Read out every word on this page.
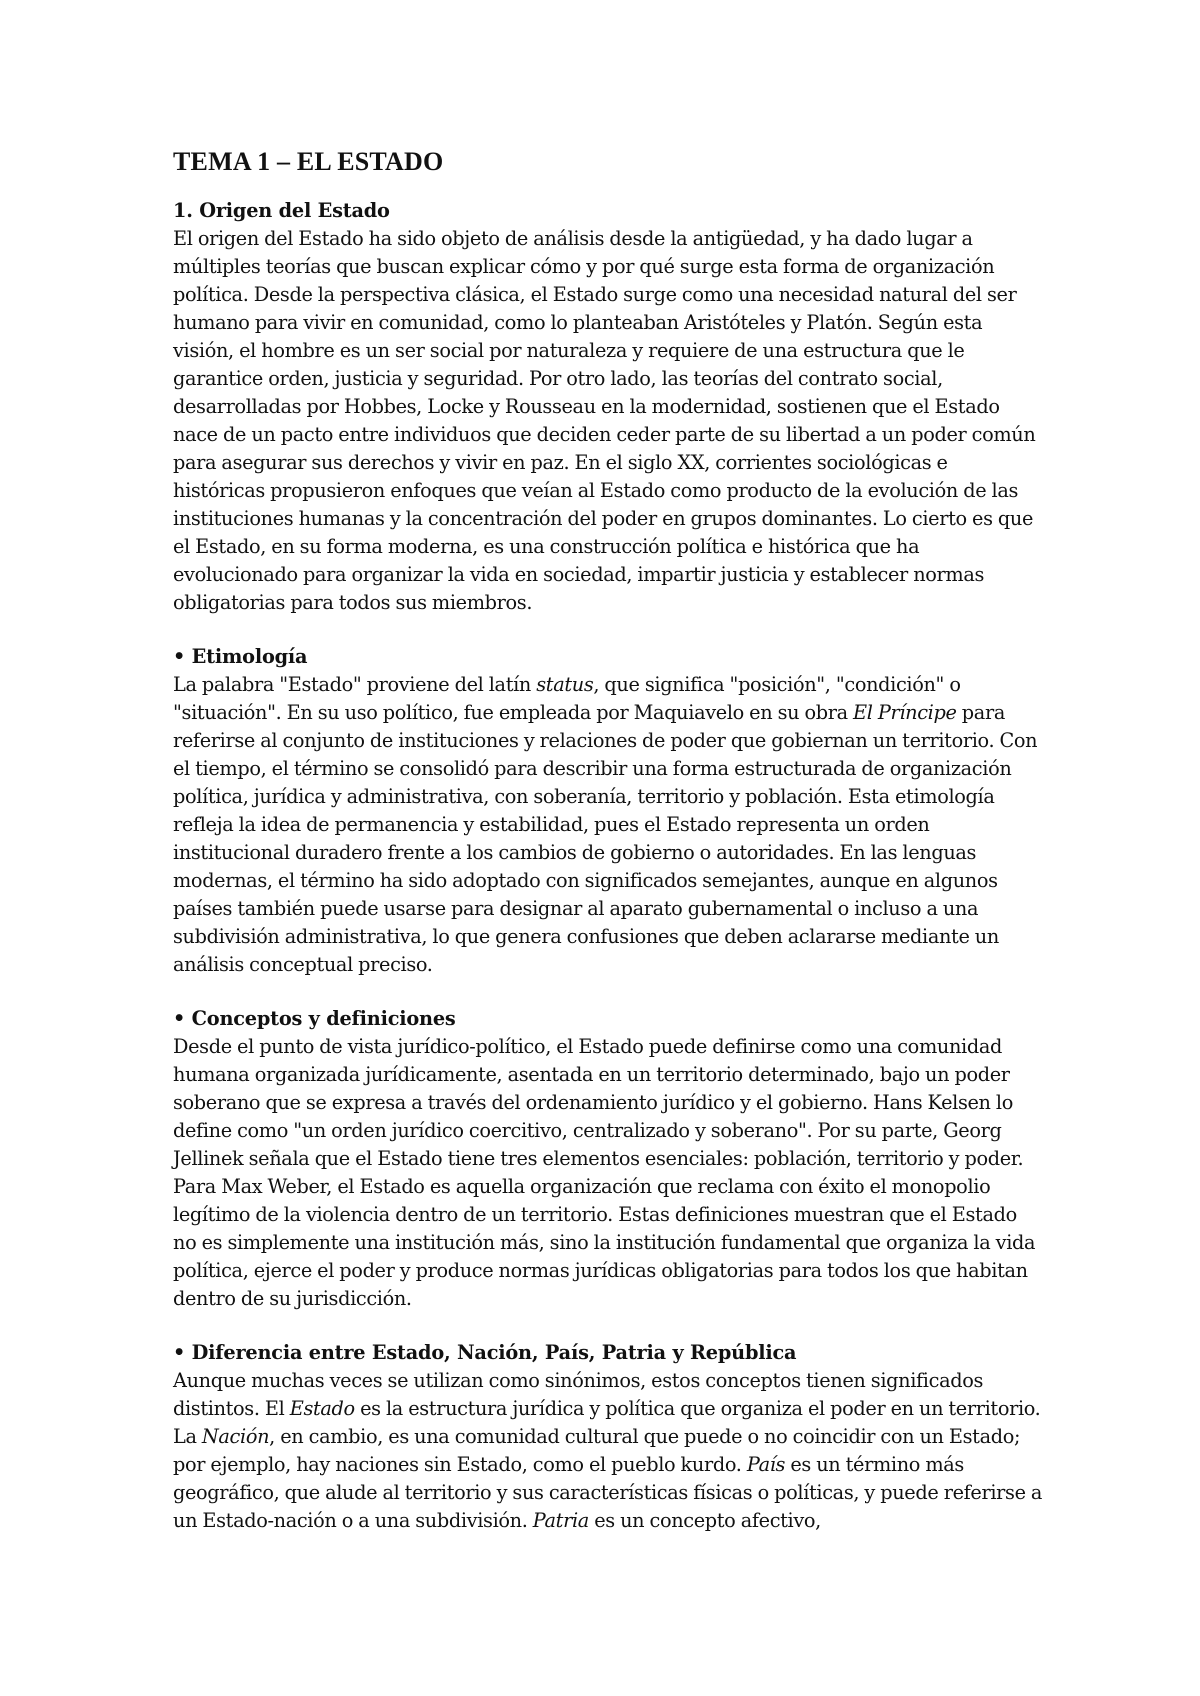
TEMA 1 – EL ESTADO

1. Origen del Estado

El origen del Estado ha sido objeto de análisis desde la antigüedad, y ha dado lugar a múltiples teorías que buscan explicar cómo y por qué surge esta forma de organización política. Desde la perspectiva clásica, el Estado surge como una necesidad natural del ser humano para vivir en comunidad, como lo planteaban Aristóteles y Platón. Según esta visión, el hombre es un ser social por naturaleza y requiere de una estructura que le garantice orden, justicia y seguridad. Por otro lado, las teorías del contrato social, desarrolladas por Hobbes, Locke y Rousseau en la modernidad, sostienen que el Estado nace de un pacto entre individuos que deciden ceder parte de su libertad a un poder común para asegurar sus derechos y vivir en paz. En el siglo XX, corrientes sociológicas e históricas propusieron enfoques que veían al Estado como producto de la evolución de las instituciones humanas y la concentración del poder en grupos dominantes. Lo cierto es que el Estado, en su forma moderna, es una construcción política e histórica que ha evolucionado para organizar la vida en sociedad, impartir justicia y establecer normas obligatorias para todos sus miembros.

• Etimología

La palabra "Estado" proviene del latín status, que significa "posición", "condición" o "situación". En su uso político, fue empleada por Maquiavelo en su obra El Príncipe para referirse al conjunto de instituciones y relaciones de poder que gobiernan un territorio. Con el tiempo, el término se consolidó para describir una forma estructurada de organización política, jurídica y administrativa, con soberanía, territorio y población. Esta etimología refleja la idea de permanencia y estabilidad, pues el Estado representa un orden institucional duradero frente a los cambios de gobierno o autoridades. En las lenguas modernas, el término ha sido adoptado con significados semejantes, aunque en algunos países también puede usarse para designar al aparato gubernamental o incluso a una subdivisión administrativa, lo que genera confusiones que deben aclararse mediante un análisis conceptual preciso.

• Conceptos y definiciones

Desde el punto de vista jurídico-político, el Estado puede definirse como una comunidad humana organizada jurídicamente, asentada en un territorio determinado, bajo un poder soberano que se expresa a través del ordenamiento jurídico y el gobierno. Hans Kelsen lo define como "un orden jurídico coercitivo, centralizado y soberano". Por su parte, Georg Jellinek señala que el Estado tiene tres elementos esenciales: población, territorio y poder. Para Max Weber, el Estado es aquella organización que reclama con éxito el monopolio legítimo de la violencia dentro de un territorio. Estas definiciones muestran que el Estado no es simplemente una institución más, sino la institución fundamental que organiza la vida política, ejerce el poder y produce normas jurídicas obligatorias para todos los que habitan dentro de su jurisdicción.

• Diferencia entre Estado, Nación, País, Patria y República

Aunque muchas veces se utilizan como sinónimos, estos conceptos tienen significados distintos. El Estado es la estructura jurídica y política que organiza el poder en un territorio. La Nación, en cambio, es una comunidad cultural que puede o no coincidir con un Estado; por ejemplo, hay naciones sin Estado, como el pueblo kurdo. País es un término más geográfico, que alude al territorio y sus características físicas o políticas, y puede referirse a un Estado-nación o a una subdivisión. Patria es un concepto afectivo,
